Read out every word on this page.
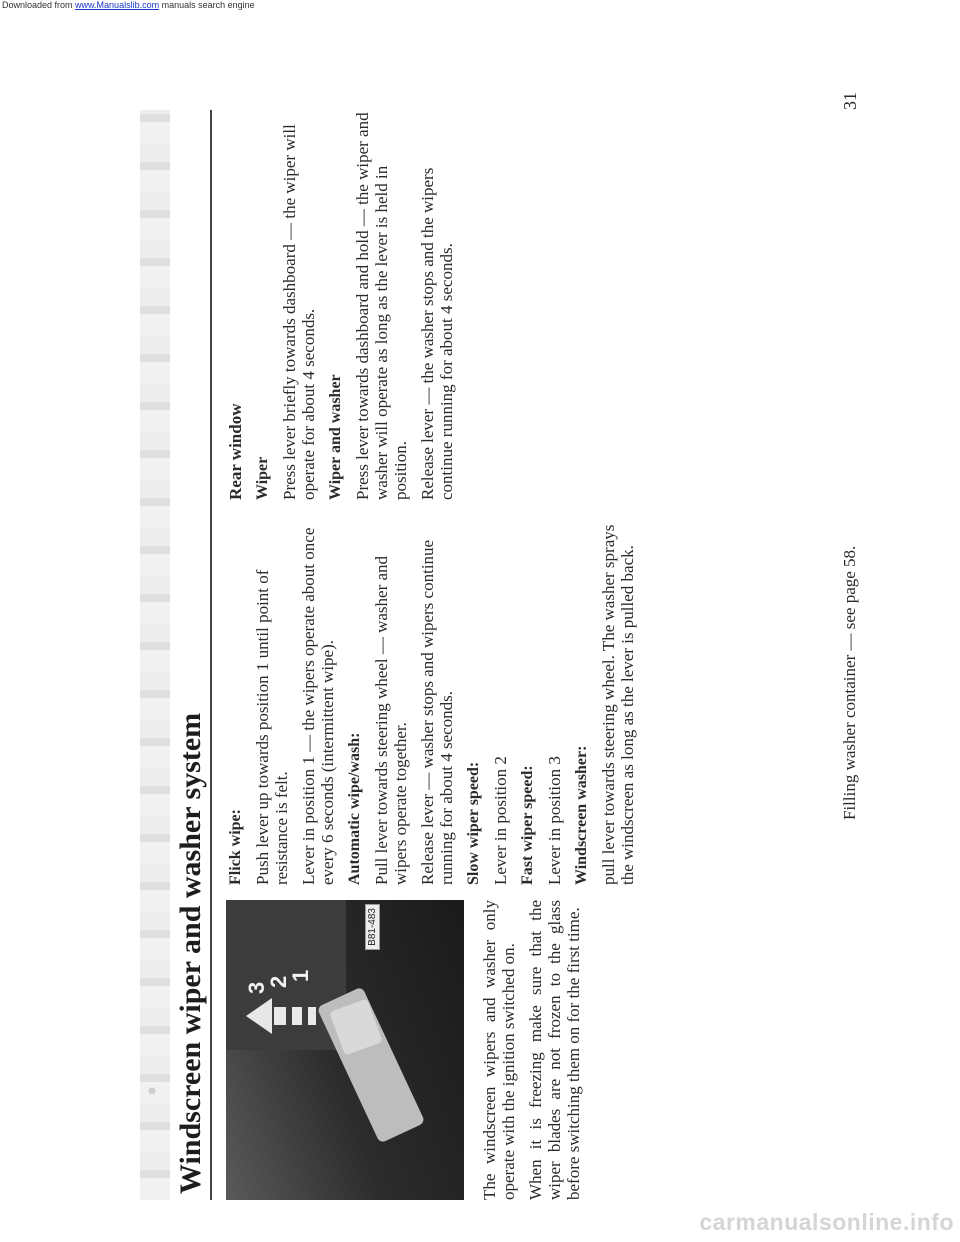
Downloaded from www.Manualslib.com manuals search engine
Windscreen wiper and washer system 3
2
1
B81-483	The windscreen wipers and washer only operate with the ignition switched on. When it is freezing make sure that the wiper blades are not frozen to the glass before switching them on for the first time.

Flick wipe: Push lever up towards position 1 until point of resistance is felt. Lever in position 1 — the wipers operate about once every 6 seconds (intermittent wipe). Automatic wipe/wash: Pull lever towards steering wheel — washer and wipers operate together. Release lever — washer stops and wipers continue running for about 4 seconds. Slow wiper speed: Lever in position 2 Fast wiper speed: Lever in position 3 Windscreen washer: pull lever towards steering wheel. The washer sprays the windscreen as long as the lever is pulled back.

Rear window Wiper Press lever briefly towards dashboard — the wiper will operate for about 4 seconds. Wiper and washer Press lever towards dashboard and hold — the wiper and washer will operate as long as the lever is held in position. Release lever — the washer stops and the wipers continue running for about 4 seconds.

Filling washer container — see page 58.
31
carmanualsonline.info
